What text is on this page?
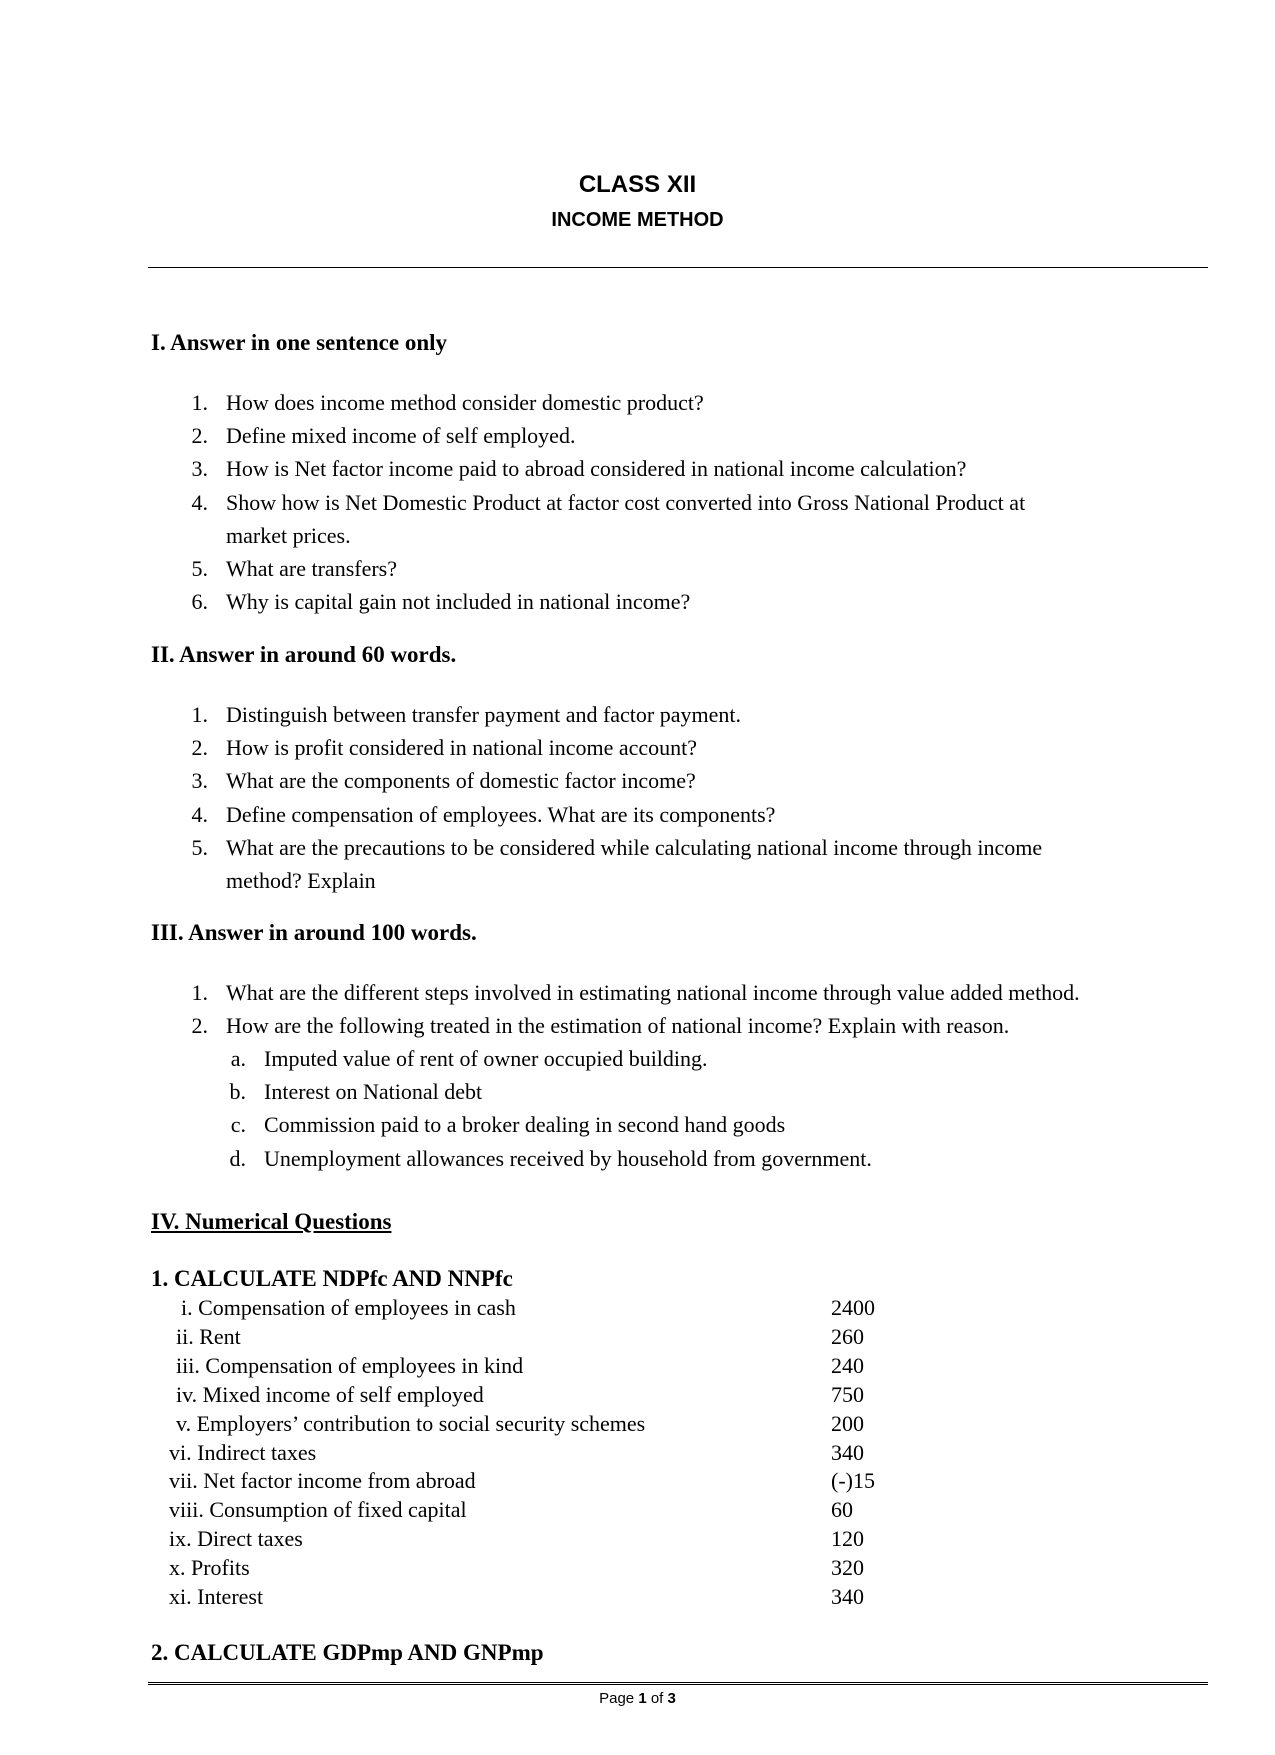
CLASS XII
INCOME METHOD
I. Answer in one sentence only
1. How does income method consider domestic product?
2. Define mixed income of self employed.
3. How is Net factor income paid to abroad considered in national income calculation?
4. Show how is Net Domestic Product at factor cost converted into Gross National Product at
market prices.
5. What are transfers?
6. Why is capital gain not included in national income?
II. Answer in around 60 words.
1. Distinguish between transfer payment and factor payment.
2. How is profit considered in national income account?
3. What are the components of domestic factor income?
4. Define compensation of employees. What are its components?
5. What are the precautions to be considered while calculating national income through income
method? Explain
III. Answer in around 100 words.
1. What are the different steps involved in estimating national income through value added method.
2. How are the following treated in the estimation of national income? Explain with reason.
a. Imputed value of rent of owner occupied building.
b. Interest on National debt
c. Commission paid to a broker dealing in second hand goods
d. Unemployment allowances received by household from government.
IV. Numerical Questions
1. CALCULATE NDPfc AND NNPfc
i. Compensation of employees in cash	2400
ii. Rent	260
iii. Compensation of employees in kind	240
iv. Mixed income of self employed	750
v. Employers’ contribution to social security schemes	200
vi. Indirect taxes	340
vii. Net factor income from abroad	(-)15
viii. Consumption of fixed capital	60
ix. Direct taxes	120
x. Profits	320
xi. Interest	340
2. CALCULATE GDPmp AND GNPmp
Page 1 of 3
